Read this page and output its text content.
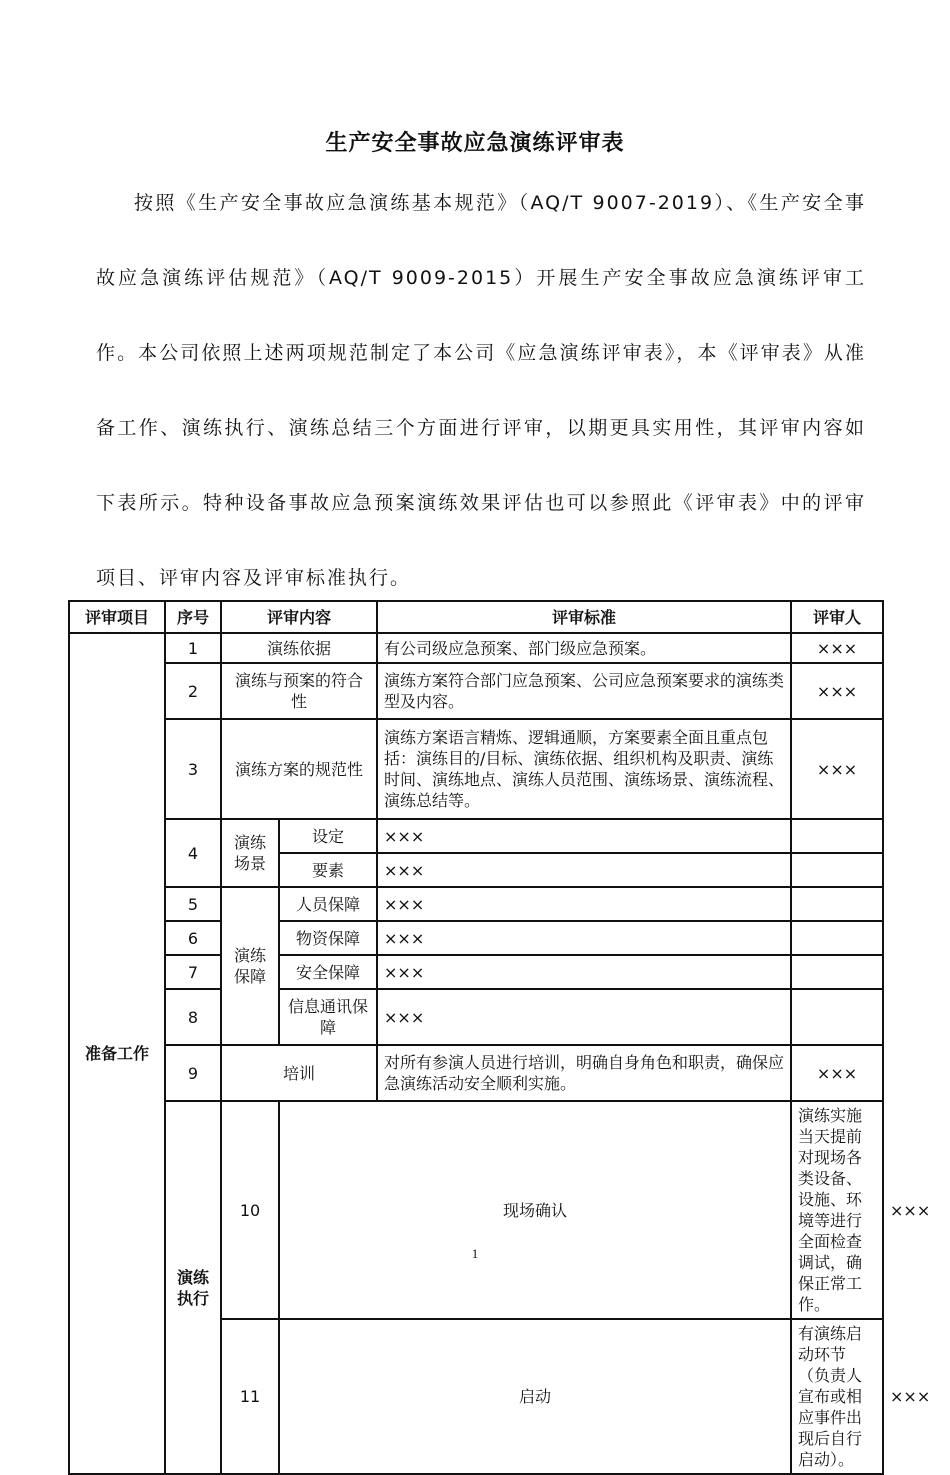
生产安全事故应急演练评审表

按照《生产安全事故应急演练基本规范》（AQ/T 9007-2019）、《生产安全事故应急演练评估规范》（AQ/T 9009-2015）开展生产安全事故应急演练评审工作。本公司依照上述两项规范制定了本公司《应急演练评审表》，本《评审表》从准备工作、演练执行、演练总结三个方面进行评审，以期更具实用性，其评审内容如下表所示。特种设备事故应急预案演练效果评估也可以参照此《评审表》中的评审项目、评审内容及评审标准执行。

评审项目	序号	评审内容		评审标准	评审人	
准备工作	1	演练依据		有公司级应急预案、部门级应急预案。	×××	
	2	演练与预案的符合性		演练方案符合部门应急预案、公司应急预案要求的演练类型及内容。	×××	
	3	演练方案的规范性		演练方案语言精炼、逻辑通顺，方案要素全面且重点包括：演练目的/目标、演练依据、组织机构及职责、演练时间、演练地点、演练人员范围、演练场景、演练流程、演练总结等。	×××	
	4	演练场景	设定	×××		
			要素	×××		
	5	演练保障	人员保障	×××		
	6		物资保障	×××		
	7		安全保障	×××		
	8		信息通讯保障	×××		
	9	培训		对所有参演人员进行培训，明确自身角色和职责，确保应急演练活动安全顺利实施。	×××	
	演练执行	10	现场确认		演练实施当天提前对现场各类设备、设施、环境等进行全面检查调试，确保正常工作。	×××
		11	启动		有演练启动环节（负责人宣布或相应事件出现后自行启动）。	×××
1
